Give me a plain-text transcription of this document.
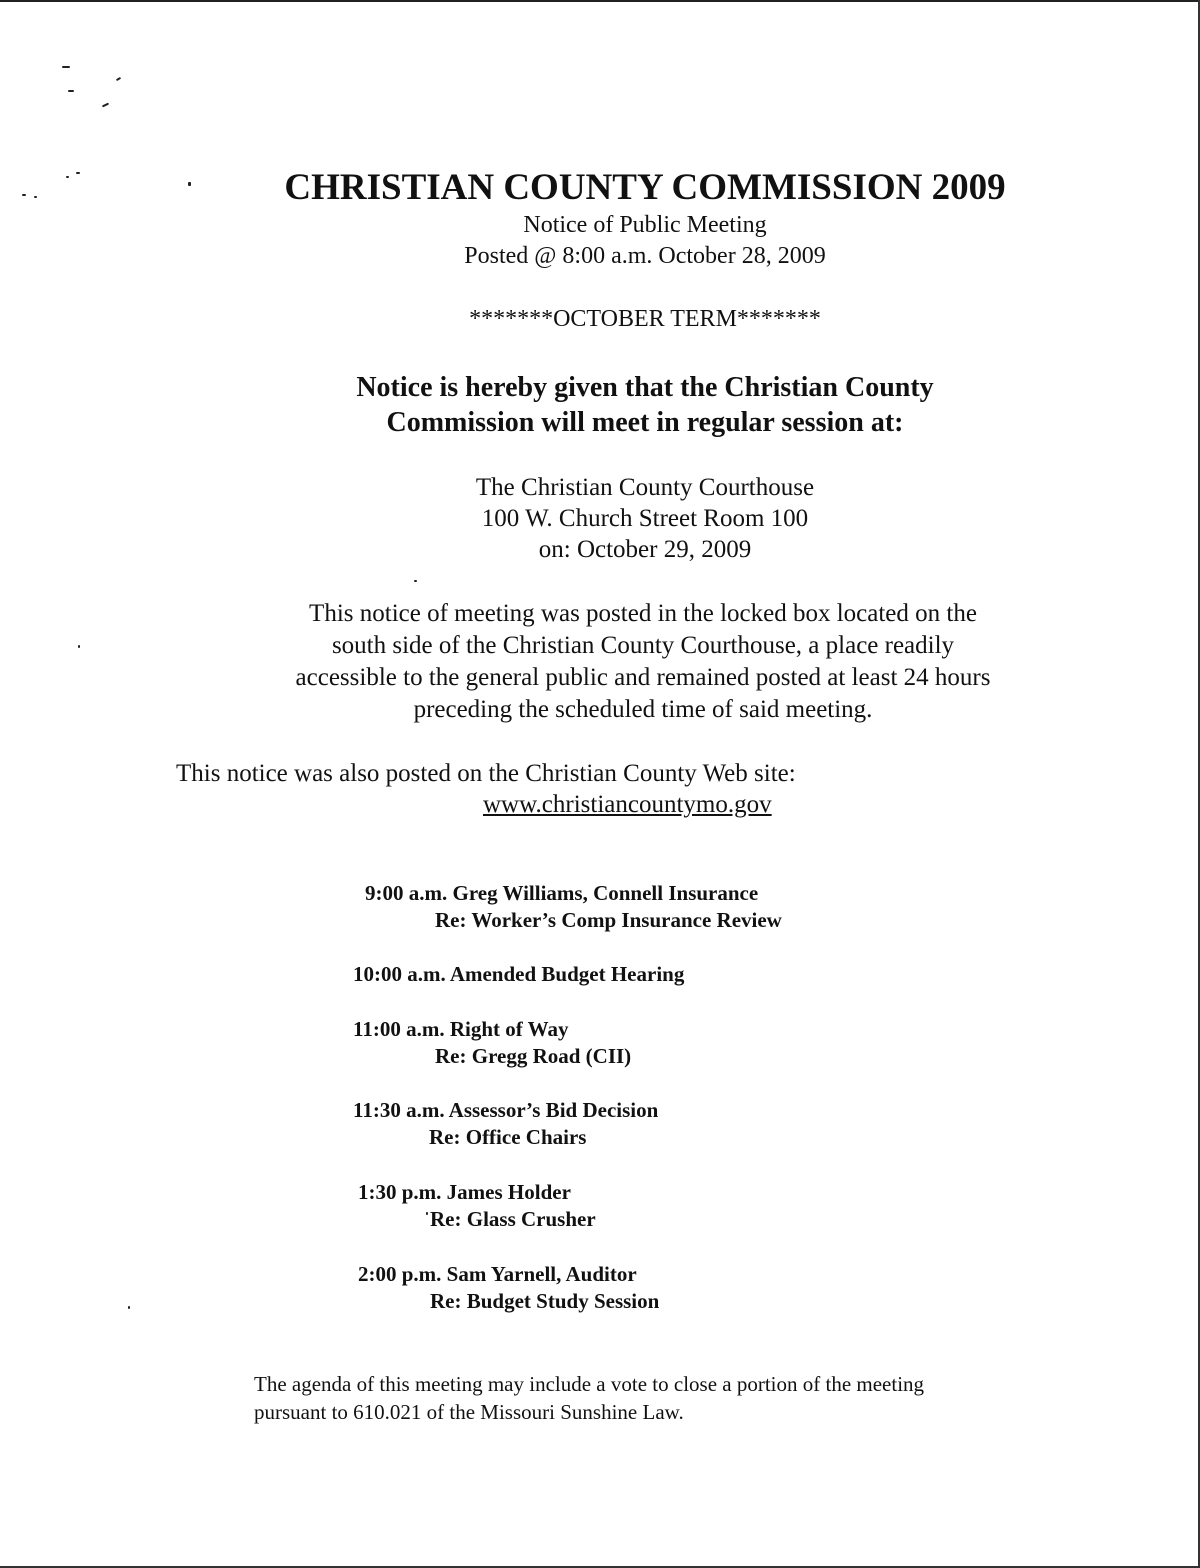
CHRISTIAN COUNTY COMMISSION 2009
Notice of Public Meeting
Posted @ 8:00 a.m. October 28, 2009
*******OCTOBER TERM*******
Notice is hereby given that the Christian County
Commission will meet in regular session at:
The Christian County Courthouse
100 W. Church Street Room 100
on: October 29, 2009
This notice of meeting was posted in the locked box located on the
south side of the Christian County Courthouse, a place readily
accessible to the general public and remained posted at least 24 hours
preceding the scheduled time of said meeting.
This notice was also posted on the Christian County Web site:
www.christiancountymo.gov
9:00 a.m. Greg Williams, Connell Insurance
Re: Worker’s Comp Insurance Review
10:00 a.m. Amended Budget Hearing
11:00 a.m. Right of Way
Re: Gregg Road (CII)
11:30 a.m. Assessor’s Bid Decision
Re: Office Chairs
1:30 p.m. James Holder
Re: Glass Crusher
2:00 p.m. Sam Yarnell, Auditor
Re: Budget Study Session
The agenda of this meeting may include a vote to close a portion of the meeting
pursuant to 610.021 of the Missouri Sunshine Law.
